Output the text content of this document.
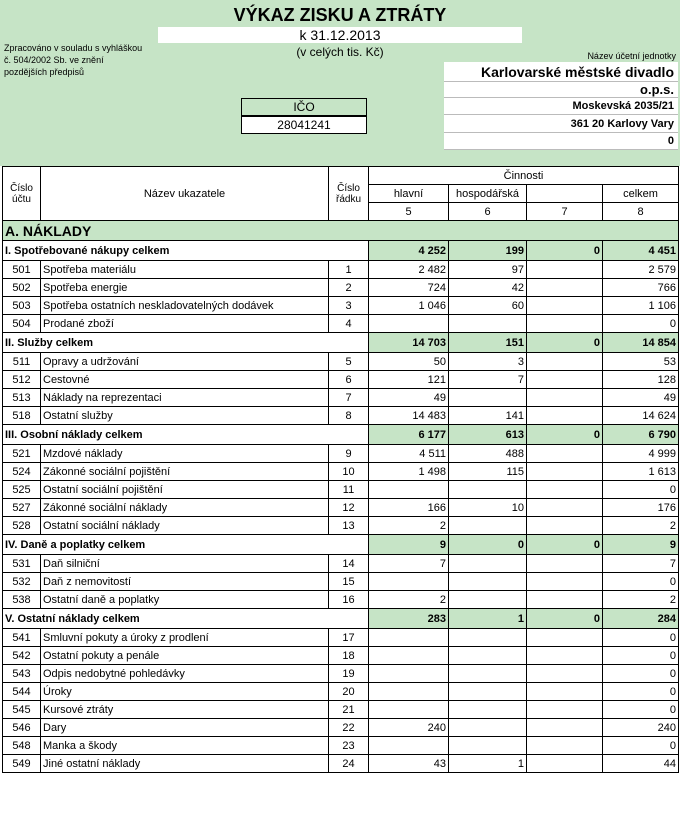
VÝKAZ ZISKU A ZTRÁTY
k 31.12.2013
(v celých tis. Kč)
Zpracováno v souladu s vyhláškou
č. 504/2002 Sb. ve znění
pozdějších předpisů
Název účetní jednotky
Karlovarské městské divadlo
o.p.s.
Moskevská 2035/21
361 20 Karlovy Vary
0
IČO
28041241
Číslo účtu	Název ukazatele	Číslo řádku	Činnosti			
			hlavní	hospodářská		celkem
			5	6	7	8
A. NÁKLADY						
I. Spotřebované nákupy celkem			4 252	199	0	4 451
501	Spotřeba materiálu	1	2 482	97		2 579
502	Spotřeba energie	2	724	42		766
503	Spotřeba ostatních neskladovatelných dodávek	3	1 046	60		1 106
504	Prodané zboží	4				0
II. Služby celkem			14 703	151	0	14 854
511	Opravy a udržování	5	50	3		53
512	Cestovné	6	121	7		128
513	Náklady na reprezentaci	7	49			49
518	Ostatní služby	8	14 483	141		14 624
III. Osobní náklady celkem			6 177	613	0	6 790
521	Mzdové náklady	9	4 511	488		4 999
524	Zákonné sociální pojištění	10	1 498	115		1 613
525	Ostatní sociální pojištění	11				0
527	Zákonné sociální náklady	12	166	10		176
528	Ostatní sociální náklady	13	2			2
IV. Daně a poplatky celkem			9	0	0	9
531	Daň silniční	14	7			7
532	Daň z nemovitostí	15				0
538	Ostatní daně a poplatky	16	2			2
V. Ostatní náklady celkem			283	1	0	284
541	Smluvní pokuty a úroky z prodlení	17				0
542	Ostatní pokuty a penále	18				0
543	Odpis nedobytné pohledávky	19				0
544	Úroky	20				0
545	Kursové ztráty	21				0
546	Dary	22	240			240
548	Manka a škody	23				0
549	Jiné ostatní náklady	24	43	1		44
